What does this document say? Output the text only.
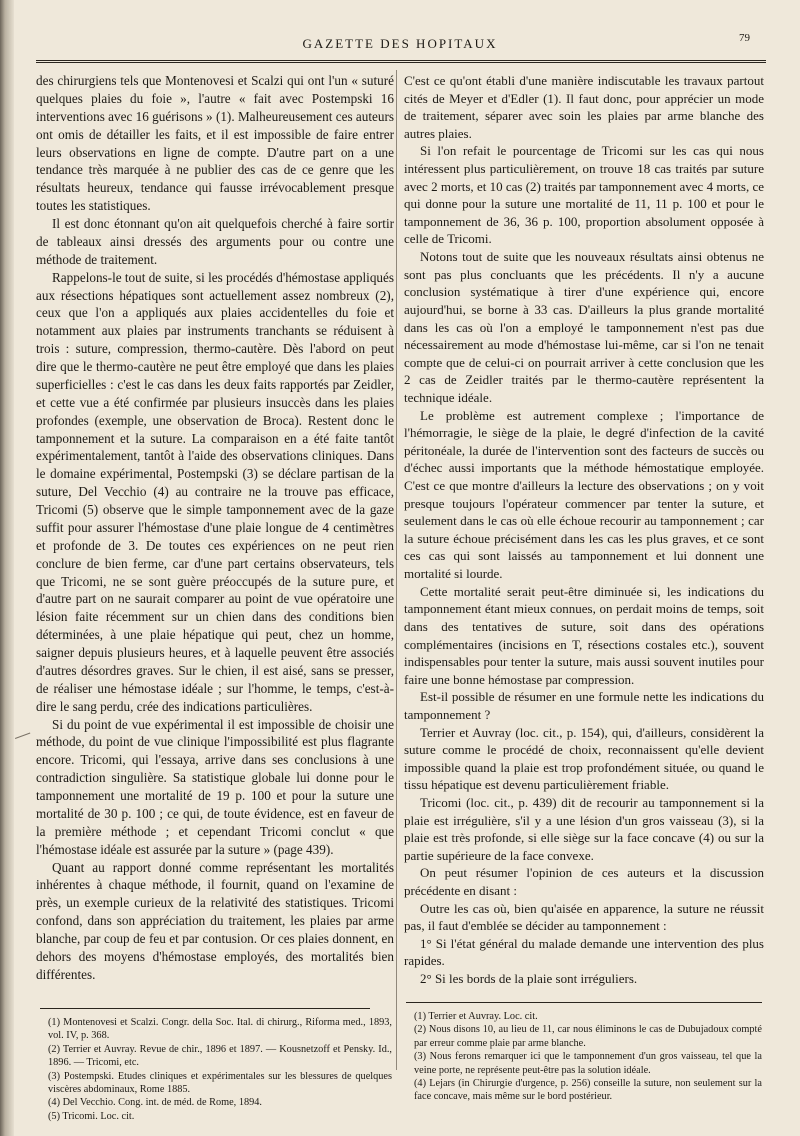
GAZETTE DES HOPITAUX	79

des chirurgiens tels que Montenovesi et Scalzi qui ont l'un « suturé quelques plaies du foie », l'autre « fait avec Postempski 16 interventions avec 16 guérisons » (1). Malheureusement ces auteurs ont omis de détailler les faits, et il est impossible de faire entrer leurs observations en ligne de compte. D'autre part on a une tendance très marquée à ne publier des cas de ce genre que les résultats heureux, tendance qui fausse irrévocablement presque toutes les statistiques.

Il est donc étonnant qu'on ait quelquefois cherché à faire sortir de tableaux ainsi dressés des arguments pour ou contre une méthode de traitement.

Rappelons-le tout de suite, si les procédés d'hémostase appliqués aux résections hépatiques sont actuellement assez nombreux (2), ceux que l'on a appliqués aux plaies accidentelles du foie et notamment aux plaies par instruments tranchants se réduisent à trois : suture, compression, thermo-cautère. Dès l'abord on peut dire que le thermo-cautère ne peut être employé que dans les plaies superficielles : c'est le cas dans les deux faits rapportés par Zeidler, et cette vue a été confirmée par plusieurs insuccès dans les plaies profondes (exemple, une observation de Broca). Restent donc le tamponnement et la suture. La comparaison en a été faite tantôt expérimentalement, tantôt à l'aide des observations cliniques. Dans le domaine expérimental, Postempski (3) se déclare partisan de la suture, Del Vecchio (4) au contraire ne la trouve pas efficace, Tricomi (5) observe que le simple tamponnement avec de la gaze suffit pour assurer l'hémostase d'une plaie longue de 4 centimètres et profonde de 3. De toutes ces expériences on ne peut rien conclure de bien ferme, car d'une part certains observateurs, tels que Tricomi, ne se sont guère préoccupés de la suture pure, et d'autre part on ne saurait comparer au point de vue opératoire une lésion faite récemment sur un chien dans des conditions bien déterminées, à une plaie hépatique qui peut, chez un homme, saigner depuis plusieurs heures, et à laquelle peuvent être associés d'autres désordres graves. Sur le chien, il est aisé, sans se presser, de réaliser une hémostase idéale ; sur l'homme, le temps, c'est-à-dire le sang perdu, crée des indications particulières.

Si du point de vue expérimental il est impossible de choisir une méthode, du point de vue clinique l'impossibilité est plus flagrante encore. Tricomi, qui l'essaya, arrive dans ses conclusions à une contradiction singulière. Sa statistique globale lui donne pour le tamponnement une mortalité de 19 p. 100 et pour la suture une mortalité de 30 p. 100 ; ce qui, de toute évidence, est en faveur de la première méthode ; et cependant Tricomi conclut « que l'hémostase idéale est assurée par la suture » (page 439).

Quant au rapport donné comme représentant les mortalités inhérentes à chaque méthode, il fournit, quand on l'examine de près, un exemple curieux de la relativité des statistiques. Tricomi confond, dans son appréciation du traitement, les plaies par arme blanche, par coup de feu et par contusion. Or ces plaies donnent, en dehors des moyens d'hémostase employés, des mortalités bien différentes.

C'est ce qu'ont établi d'une manière indiscutable les travaux partout cités de Meyer et d'Edler (1). Il faut donc, pour apprécier un mode de traitement, séparer avec soin les plaies par arme blanche des autres plaies.

Si l'on refait le pourcentage de Tricomi sur les cas qui nous intéressent plus particulièrement, on trouve 18 cas traités par suture avec 2 morts, et 10 cas (2) traités par tamponnement avec 4 morts, ce qui donne pour la suture une mortalité de 11, 11 p. 100 et pour le tamponnement de 36, 36 p. 100, proportion absolument opposée à celle de Tricomi.

Notons tout de suite que les nouveaux résultats ainsi obtenus ne sont pas plus concluants que les précédents. Il n'y a aucune conclusion systématique à tirer d'une expérience qui, encore aujourd'hui, se borne à 33 cas. D'ailleurs la plus grande mortalité dans les cas où l'on a employé le tamponnement n'est pas due nécessairement au mode d'hémostase lui-même, car si l'on ne tenait compte que de celui-ci on pourrait arriver à cette conclusion que les 2 cas de Zeidler traités par le thermo-cautère représentent la technique idéale.

Le problème est autrement complexe ; l'importance de l'hémorragie, le siège de la plaie, le degré d'infection de la cavité péritonéale, la durée de l'intervention sont des facteurs de succès ou d'échec aussi importants que la méthode hémostatique employée. C'est ce que montre d'ailleurs la lecture des observations ; on y voit presque toujours l'opérateur commencer par tenter la suture, et seulement dans le cas où elle échoue recourir au tamponnement ; car la suture échoue précisément dans les cas les plus graves, et ce sont ces cas qui sont laissés au tamponnement et lui donnent une mortalité si lourde.

Cette mortalité serait peut-être diminuée si, les indications du tamponnement étant mieux connues, on perdait moins de temps, soit dans des tentatives de suture, soit dans des opérations complémentaires (incisions en T, résections costales etc.), souvent indispensables pour tenter la suture, mais aussi souvent inutiles pour faire une bonne hémostase par compression.

Est-il possible de résumer en une formule nette les indications du tamponnement ?

Terrier et Auvray (loc. cit., p. 154), qui, d'ailleurs, considèrent la suture comme le procédé de choix, reconnaissent qu'elle devient impossible quand la plaie est trop profondément située, ou quand le tissu hépatique est devenu particulièrement friable.

Tricomi (loc. cit., p. 439) dit de recourir au tamponnement si la plaie est irrégulière, s'il y a une lésion d'un gros vaisseau (3), si la plaie est très profonde, si elle siège sur la face concave (4) ou sur la partie supérieure de la face convexe.

On peut résumer l'opinion de ces auteurs et la discussion précédente en disant :

Outre les cas où, bien qu'aisée en apparence, la suture ne réussit pas, il faut d'emblée se décider au tamponnement :

1° Si l'état général du malade demande une intervention des plus rapides.

2° Si les bords de la plaie sont irréguliers.

(1) Montenovesi et Scalzi. Congr. della Soc. Ital. di chirurg., Riforma med., 1893, vol. IV, p. 368.

(2) Terrier et Auvray. Revue de chir., 1896 et 1897. — Kousnetzoff et Pensky. Id., 1896. — Tricomi, etc.

(3) Postempski. Etudes cliniques et expérimentales sur les blessures de quelques viscères abdominaux, Rome 1885.

(4) Del Vecchio. Cong. int. de méd. de Rome, 1894.

(5) Tricomi. Loc. cit.

(1) Terrier et Auvray. Loc. cit.

(2) Nous disons 10, au lieu de 11, car nous éliminons le cas de Dubujadoux compté par erreur comme plaie par arme blanche.

(3) Nous ferons remarquer ici que le tamponnement d'un gros vaisseau, tel que la veine porte, ne représente peut-être pas la solution idéale.

(4) Lejars (in Chirurgie d'urgence, p. 256) conseille la suture, non seulement sur la face concave, mais même sur le bord postérieur.
